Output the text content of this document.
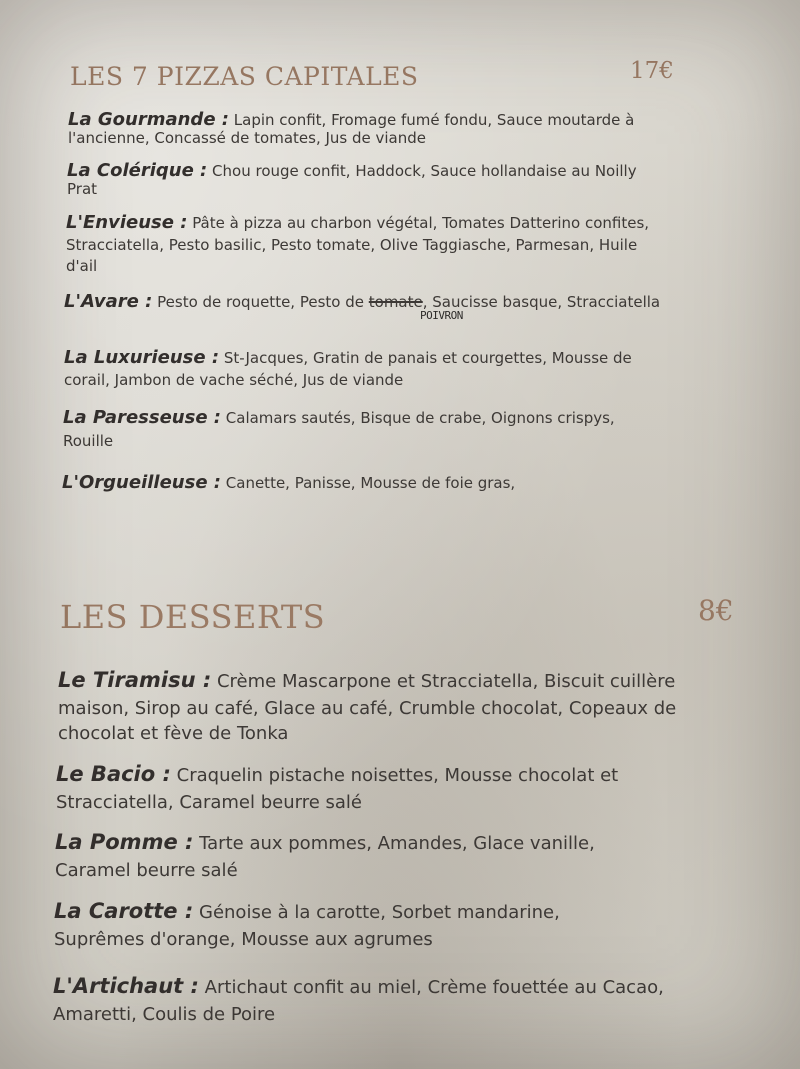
LES 7 PIZZAS CAPITALES	17€
La Gourmande : Lapin confit, Fromage fumé fondu, Sauce moutarde à l'ancienne, Concassé de tomates, Jus de viande
La Colérique : Chou rouge confit, Haddock, Sauce hollandaise au Noilly Prat
L'Envieuse : Pâte à pizza au charbon végétal, Tomates Datterino confites, Stracciatella, Pesto basilic, Pesto tomate, Olive Taggiasche, Parmesan, Huile d'ail
L'Avare : Pesto de roquette, Pesto de tomate, Saucisse basque, Stracciatella
POIVRON
La Luxurieuse : St-Jacques, Gratin de panais et courgettes, Mousse de corail, Jambon de vache séché, Jus de viande
La Paresseuse : Calamars sautés, Bisque de crabe, Oignons crispys, Rouille
L'Orgueilleuse : Canette, Panisse, Mousse de foie gras,
LES DESSERTS	8€
Le Tiramisu : Crème Mascarpone et Stracciatella, Biscuit cuillère maison, Sirop au café, Glace au café, Crumble chocolat, Copeaux de chocolat et fève de Tonka
Le Bacio : Craquelin pistache noisettes, Mousse chocolat et Stracciatella, Caramel beurre salé
La Pomme : Tarte aux pommes, Amandes, Glace vanille, Caramel beurre salé
La Carotte : Génoise à la carotte, Sorbet mandarine, Suprêmes d'orange, Mousse aux agrumes
L'Artichaut : Artichaut confit au miel, Crème fouettée au Cacao, Amaretti, Coulis de Poire
